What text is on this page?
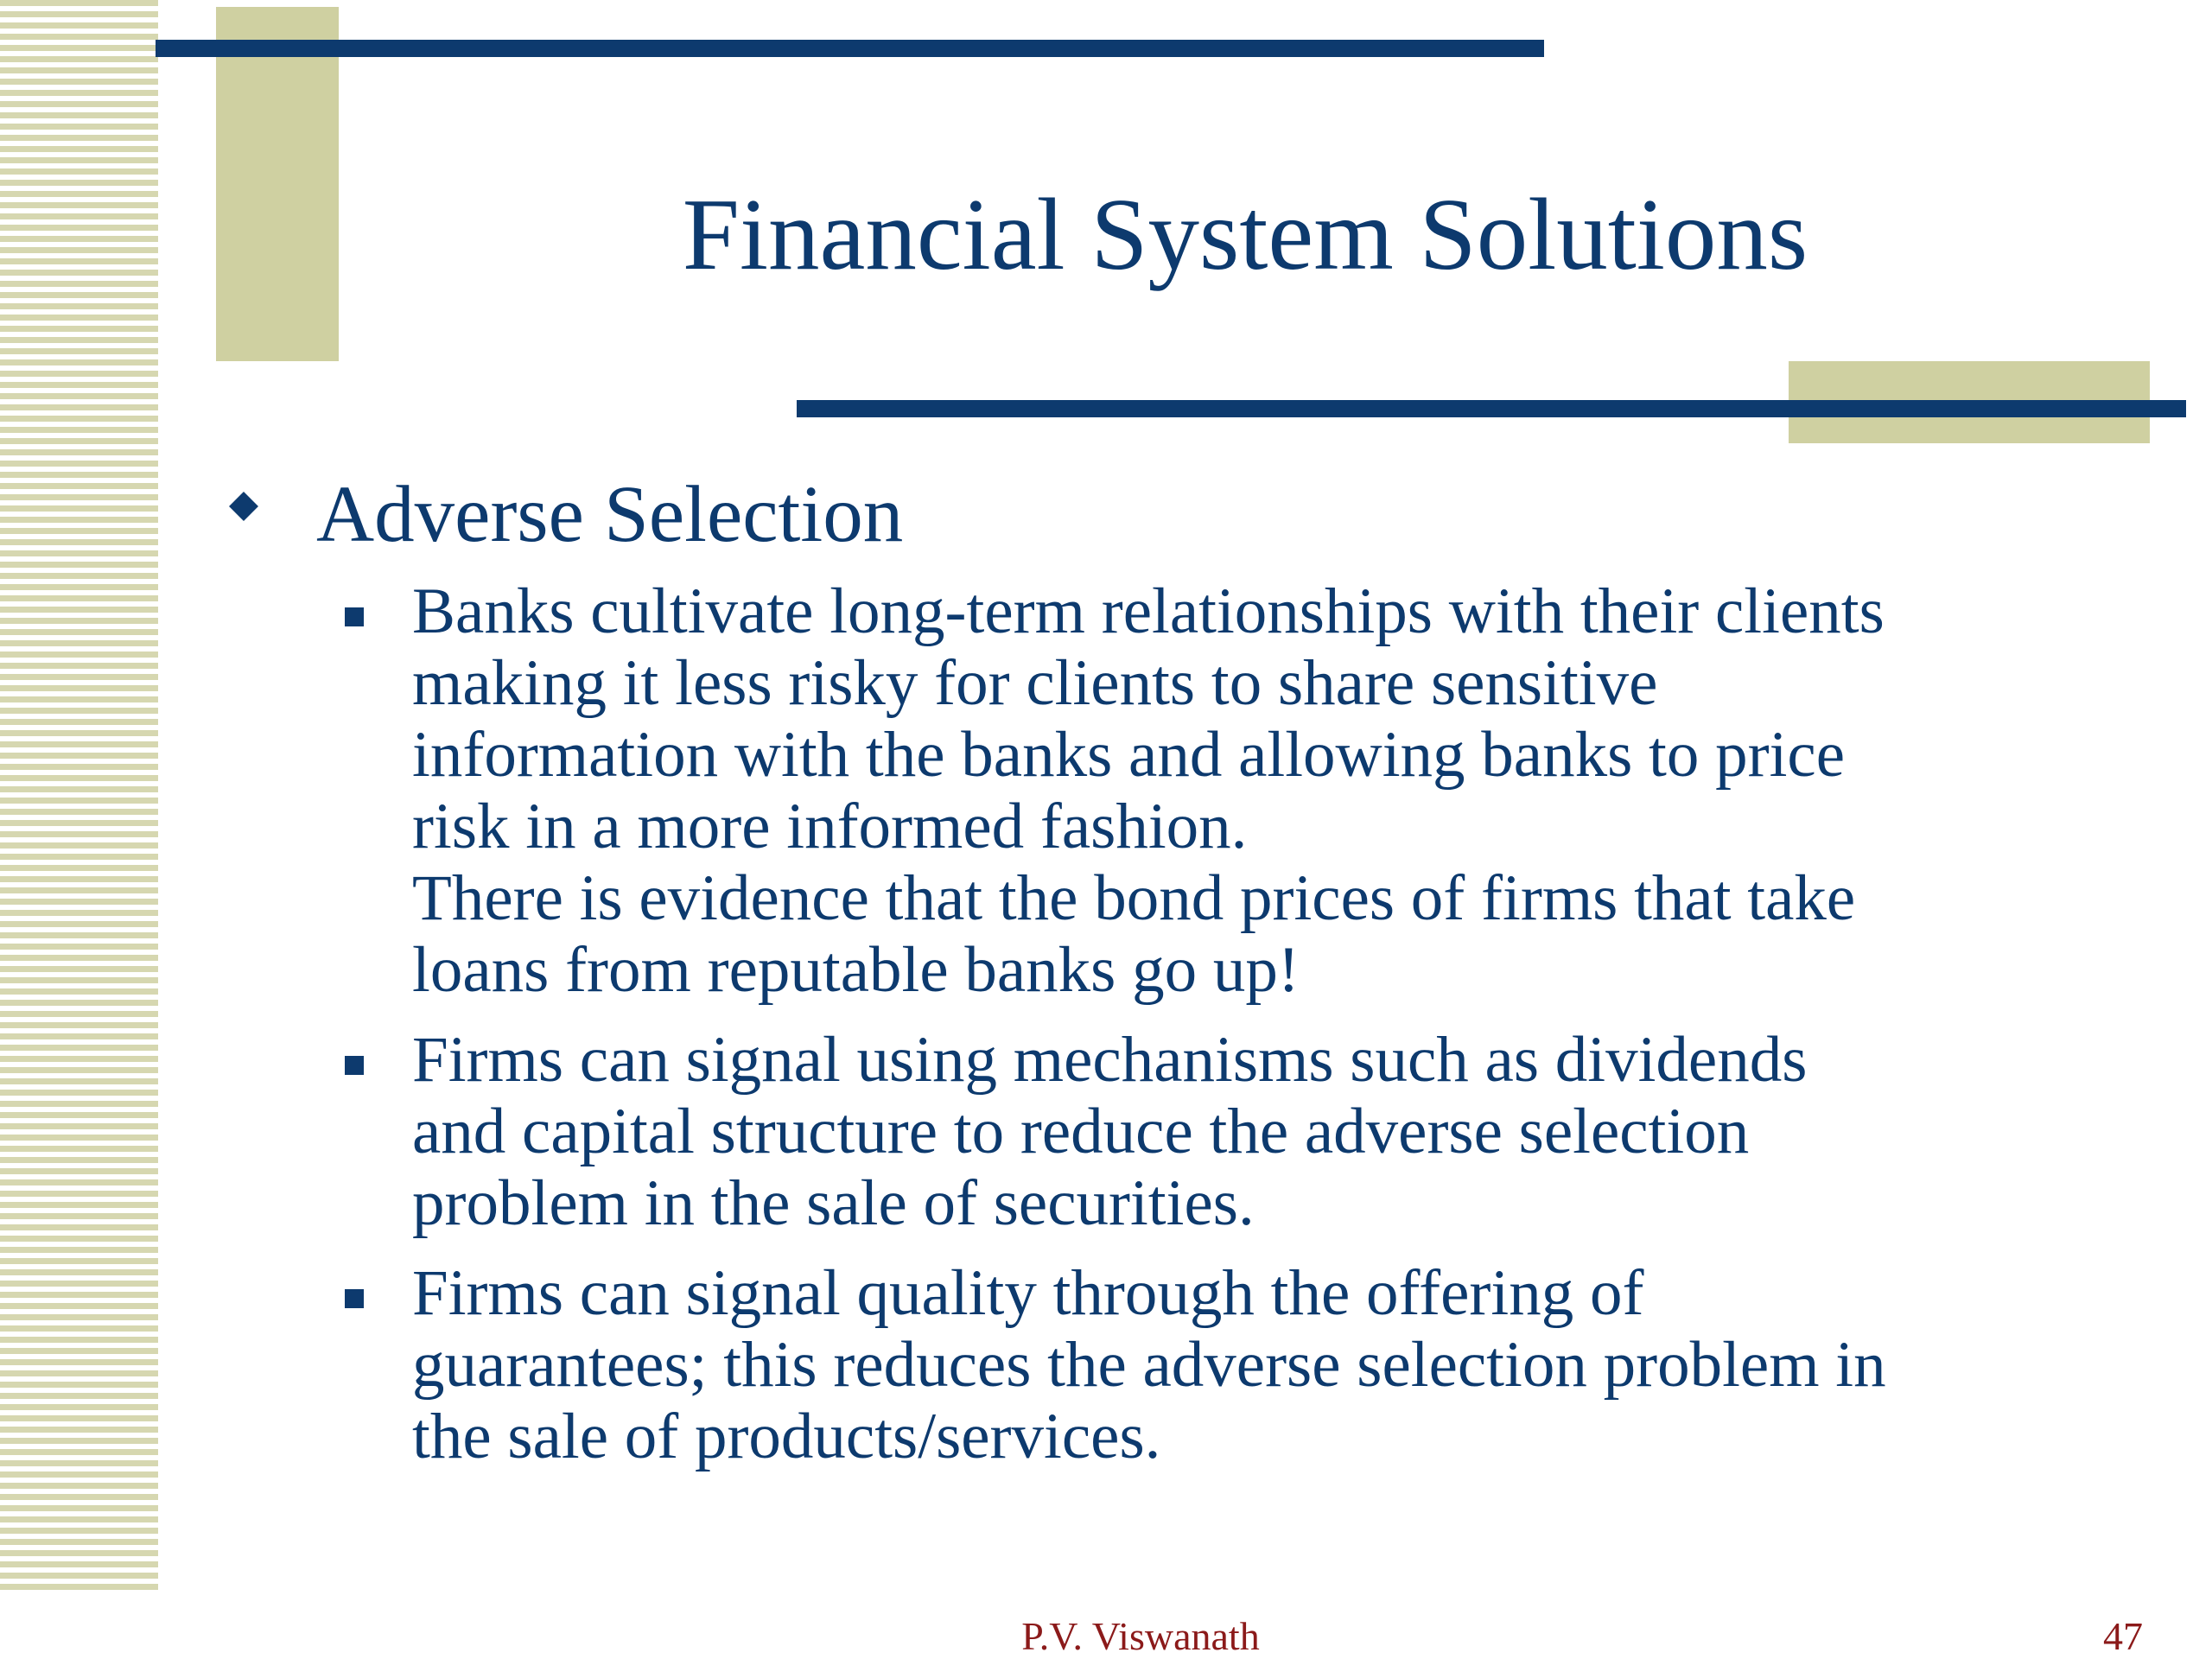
Financial System Solutions
Adverse Selection
Banks cultivate long-term relationships with their clients
making it less risky for clients to share sensitive
information with the banks and allowing banks to price
risk in a more informed fashion.
There is evidence that the bond prices of firms that take
loans from reputable banks go up!
Firms can signal using mechanisms such as dividends
and capital structure to reduce the adverse selection
problem in the sale of securities.
Firms can signal quality through the offering of
guarantees; this reduces the adverse selection problem in
the sale of products/services.
P.V. Viswanath	47
